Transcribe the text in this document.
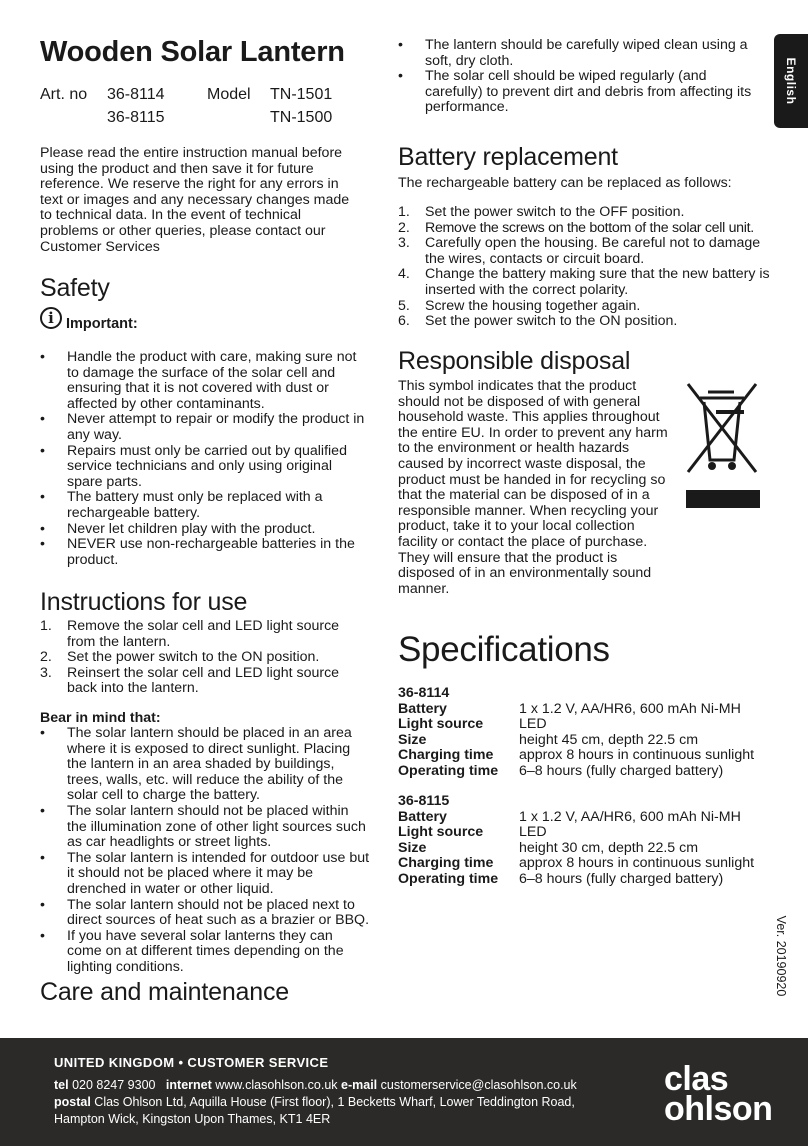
Wooden Solar Lantern
English
Art. no 36-8114	Model TN-1501
36-8115	TN-1500

Please read the entire instruction manual before using the product and then save it for future reference. We reserve the right for any errors in text or images and any necessary changes made to technical data. In the event of technical problems or other queries, please contact our Customer Services

Safety
i Important:
• Handle the product with care, making sure not to damage the surface of the solar cell and ensuring that it is not covered with dust or affected by other contaminants.
• Never attempt to repair or modify the product in any way.
• Repairs must only be carried out by qualified service technicians and only using original spare parts.
• The battery must only be replaced with a rechargeable battery.
• Never let children play with the product.
• NEVER use non-rechargeable batteries in the product.
Instructions for use
1. Remove the solar cell and LED light source from the lantern.
2. Set the power switch to the ON position.
3. Reinsert the solar cell and LED light source back into the lantern.
Bear in mind that:
• The solar lantern should be placed in an area where it is exposed to direct sunlight. Placing the lantern in an area shaded by buildings, trees, walls, etc. will reduce the ability of the solar cell to charge the battery.
• The solar lantern should not be placed within the illumination zone of other light sources such as car headlights or street lights.
• The solar lantern is intended for outdoor use but it should not be placed where it may be drenched in water or other liquid.
• The solar lantern should not be placed next to direct sources of heat such as a brazier or BBQ.
• If you have several solar lanterns they can come on at different times depending on the lighting conditions.
Care and maintenance
• The lantern should be carefully wiped clean using a soft, dry cloth.
• The solar cell should be wiped regularly (and carefully) to prevent dirt and debris from affecting its performance.
Battery replacement

The rechargeable battery can be replaced as follows:

1. Set the power switch to the OFF position.
2. Remove the screws on the bottom of the solar cell unit.
3. Carefully open the housing. Be careful not to damage the wires, contacts or circuit board.
4. Change the battery making sure that the new battery is inserted with the correct polarity.
5. Screw the housing together again.
6. Set the power switch to the ON position.
Responsible disposal

This symbol indicates that the product should not be disposed of with general household waste. This applies throughout the entire EU. In order to prevent any harm to the environment or health hazards caused by incorrect waste disposal, the product must be handed in for recycling so that the material can be disposed of in a responsible manner. When recycling your product, take it to your local collection facility or contact the place of purchase. They will ensure that the product is disposed of in an environmentally sound manner.

Specifications
36-8114
Battery	1 x 1.2 V, AA/HR6, 600 mAh Ni-MH
Light source	LED
Size	height 45 cm, depth 22.5 cm
Charging time	approx 8 hours in continuous sunlight
Operating time	6–8 hours (fully charged battery)
36-8115
Battery	1 x 1.2 V, AA/HR6, 600 mAh Ni-MH
Light source	LED
Size	height 30 cm, depth 22.5 cm
Charging time	approx 8 hours in continuous sunlight
Operating time	6–8 hours (fully charged battery)
Ver. 20190920
UNITED KINGDOM • CUSTOMER SERVICE
tel 020 8247 9300 internet www.clasohlson.co.uk e-mail customerservice@clasohlson.co.uk
postal Clas Ohlson Ltd, Aquilla House (First floor), 1 Becketts Wharf, Lower Teddington Road,
Hampton Wick, Kingston Upon Thames, KT1 4ER
clas
ohlson
